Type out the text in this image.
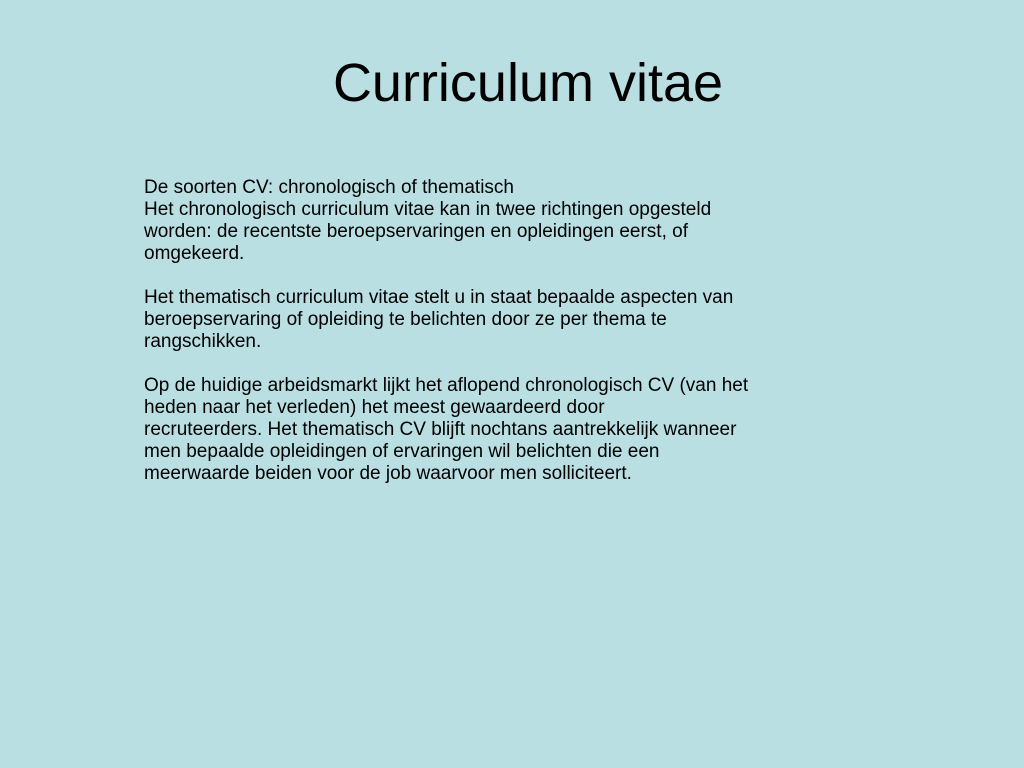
Curriculum vitae

De soorten CV: chronologisch of thematisch
Het chronologisch curriculum vitae kan in twee richtingen opgesteld
worden: de recentste beroepservaringen en opleidingen eerst, of
omgekeerd.

Het thematisch curriculum vitae stelt u in staat bepaalde aspecten van
beroepservaring of opleiding te belichten door ze per thema te
rangschikken.

Op de huidige arbeidsmarkt lijkt het aflopend chronologisch CV (van het
heden naar het verleden) het meest gewaardeerd door
recruteerders. Het thematisch CV blijft nochtans aantrekkelijk wanneer
men bepaalde opleidingen of ervaringen wil belichten die een
meerwaarde beiden voor de job waarvoor men solliciteert.
